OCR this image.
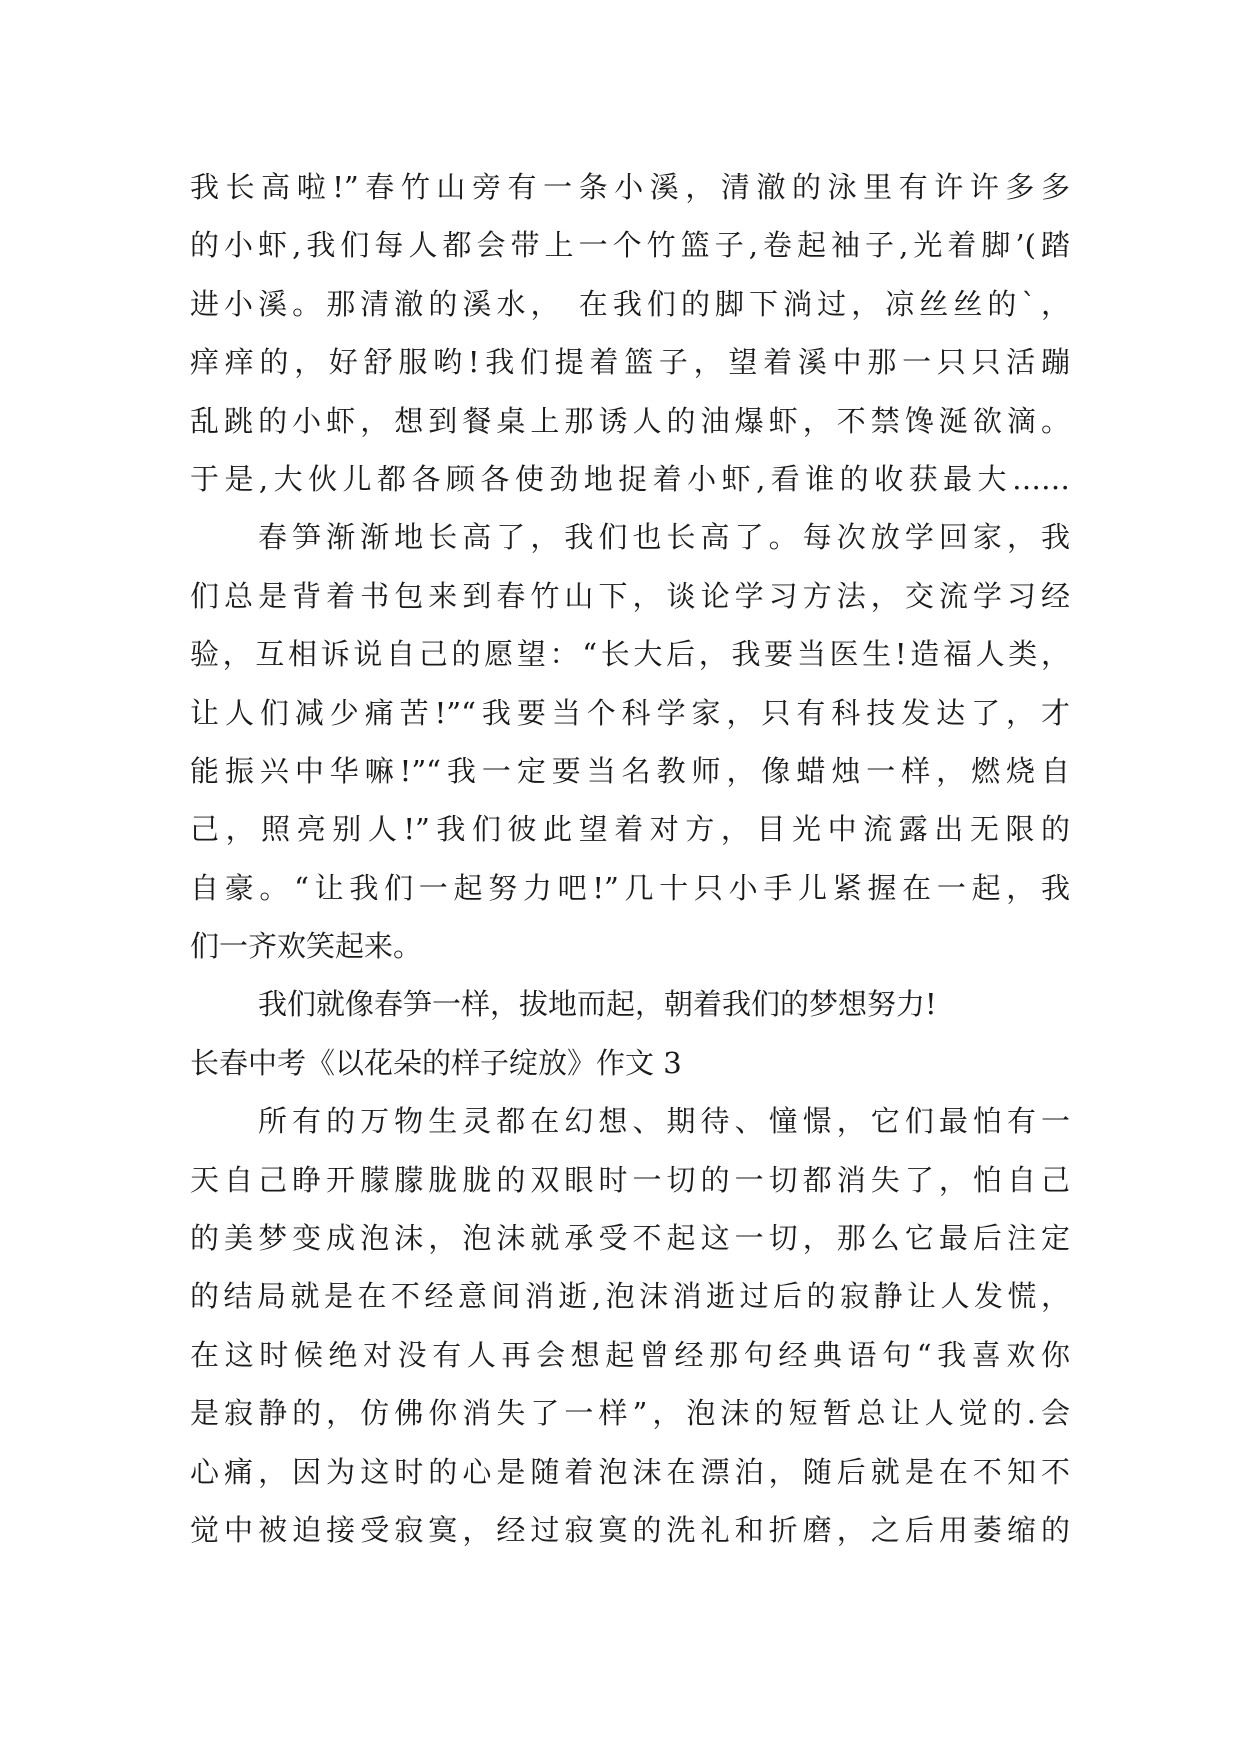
我长高啦!”春竹山旁有一条小溪，清澈的泳里有许许多多
的小虾,我们每人都会带上一个竹篮子,卷起袖子,光着脚’(踏
进小溪。那清澈的溪水， 在我们的脚下淌过，凉丝丝的`，
痒痒的，好舒服哟!我们提着篮子，望着溪中那一只只活蹦
乱跳的小虾，想到餐桌上那诱人的油爆虾，不禁馋涎欲滴。
于是,大伙儿都各顾各使劲地捉着小虾,看谁的收获最大……
春笋渐渐地长高了，我们也长高了。每次放学回家，我
们总是背着书包来到春竹山下，谈论学习方法，交流学习经
验，互相诉说自己的愿望：“长大后，我要当医生!造福人类，
让人们减少痛苦!”“我要当个科学家，只有科技发达了，才
能振兴中华嘛!”“我一定要当名教师，像蜡烛一样，燃烧自
己，照亮别人!”我们彼此望着对方，目光中流露出无限的
自豪。“让我们一起努力吧!”几十只小手儿紧握在一起，我
们一齐欢笑起来。
我们就像春笋一样，拔地而起，朝着我们的梦想努力!
长春中考《以花朵的样子绽放》作文 3
所有的万物生灵都在幻想、期待、憧憬，它们最怕有一
天自己睁开朦朦胧胧的双眼时一切的一切都消失了，怕自己
的美梦变成泡沫，泡沫就承受不起这一切，那么它最后注定
的结局就是在不经意间消逝,泡沫消逝过后的寂静让人发慌，
在这时候绝对没有人再会想起曾经那句经典语句“我喜欢你
是寂静的，仿佛你消失了一样”，泡沫的短暂总让人觉的.会
心痛，因为这时的心是随着泡沫在漂泊，随后就是在不知不
觉中被迫接受寂寞，经过寂寞的洗礼和折磨，之后用萎缩的
